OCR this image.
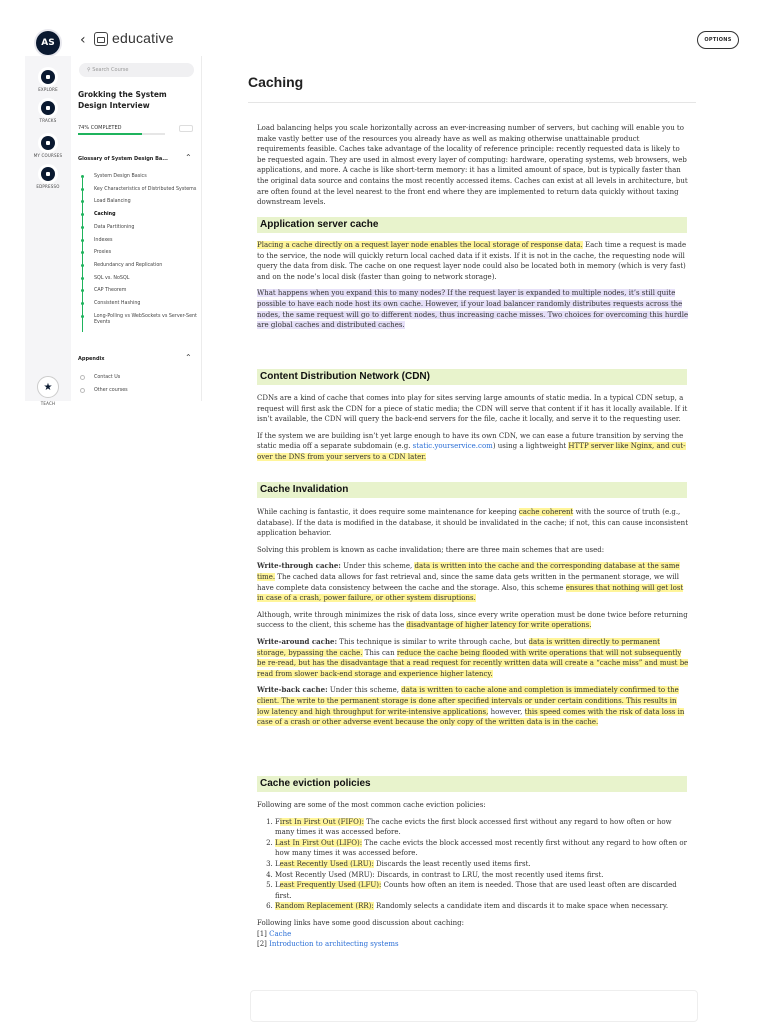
AS	‹ educative	OPTIONS
EXPLORE
TRACKS
MY COURSES
EDPRESSO
★
TEACH
⚲ Search Course
Grokking the System Design Interview
74% COMPLETED
Glossary of System Design Ba... ⌃
System Design Basics
Key Characteristics of Distributed Systems
Load Balancing
Caching
Data Partitioning
Indexes
Proxies
Redundancy and Replication
SQL vs. NoSQL
CAP Theorem
Consistent Hashing
Long-Polling vs WebSockets vs Server-Sent Events
Appendix	⌃
Contact Us
Other courses
Caching

Load balancing helps you scale horizontally across an ever-increasing number of servers, but caching will enable you to make vastly better use of the resources you already have as well as making otherwise unattainable product requirements feasible. Caches take advantage of the locality of reference principle: recently requested data is likely to be requested again. They are used in almost every layer of computing: hardware, operating systems, web browsers, web applications, and more. A cache is like short-term memory: it has a limited amount of space, but is typically faster than the original data source and contains the most recently accessed items. Caches can exist at all levels in architecture, but are often found at the level nearest to the front end where they are implemented to return data quickly without taxing downstream levels.

Application server cache

Placing a cache directly on a request layer node enables the local storage of response data. Each time a request is made to the service, the node will quickly return local cached data if it exists. If it is not in the cache, the requesting node will query the data from disk. The cache on one request layer node could also be located both in memory (which is very fast) and on the node’s local disk (faster than going to network storage).

What happens when you expand this to many nodes? If the request layer is expanded to multiple nodes, it’s still quite possible to have each node host its own cache. However, if your load balancer randomly distributes requests across the nodes, the same request will go to different nodes, thus increasing cache misses. Two choices for overcoming this hurdle are global caches and distributed caches.

Content Distribution Network (CDN)

CDNs are a kind of cache that comes into play for sites serving large amounts of static media. In a typical CDN setup, a request will first ask the CDN for a piece of static media; the CDN will serve that content if it has it locally available. If it isn’t available, the CDN will query the back-end servers for the file, cache it locally, and serve it to the requesting user.

If the system we are building isn’t yet large enough to have its own CDN, we can ease a future transition by serving the static media off a separate subdomain (e.g. static.yourservice.com) using a lightweight HTTP server like Nginx, and cut-over the DNS from your servers to a CDN later.

Cache Invalidation

While caching is fantastic, it does require some maintenance for keeping cache coherent with the source of truth (e.g., database). If the data is modified in the database, it should be invalidated in the cache; if not, this can cause inconsistent application behavior.

Solving this problem is known as cache invalidation; there are three main schemes that are used:

Write-through cache: Under this scheme, data is written into the cache and the corresponding database at the same time. The cached data allows for fast retrieval and, since the same data gets written in the permanent storage, we will have complete data consistency between the cache and the storage. Also, this scheme ensures that nothing will get lost in case of a crash, power failure, or other system disruptions.

Although, write through minimizes the risk of data loss, since every write operation must be done twice before returning success to the client, this scheme has the disadvantage of higher latency for write operations.

Write-around cache: This technique is similar to write through cache, but data is written directly to permanent storage, bypassing the cache. This can reduce the cache being flooded with write operations that will not subsequently be re-read, but has the disadvantage that a read request for recently written data will create a “cache miss” and must be read from slower back-end storage and experience higher latency.

Write-back cache: Under this scheme, data is written to cache alone and completion is immediately confirmed to the client. The write to the permanent storage is done after specified intervals or under certain conditions. This results in low latency and high throughput for write-intensive applications, however, this speed comes with the risk of data loss in case of a crash or other adverse event because the only copy of the written data is in the cache.

Cache eviction policies

Following are some of the most common cache eviction policies:

1. First In First Out (FIFO): The cache evicts the first block accessed first without any regard to how often or how many times it was accessed before.
2. Last In First Out (LIFO): The cache evicts the block accessed most recently first without any regard to how often or how many times it was accessed before.
3. Least Recently Used (LRU): Discards the least recently used items first.
4. Most Recently Used (MRU): Discards, in contrast to LRU, the most recently used items first.
5. Least Frequently Used (LFU): Counts how often an item is needed. Those that are used least often are discarded first.
6. Random Replacement (RR): Randomly selects a candidate item and discards it to make space when necessary.

Following links have some good discussion about caching:

[1] Cache
[2] Introduction to architecting systems
